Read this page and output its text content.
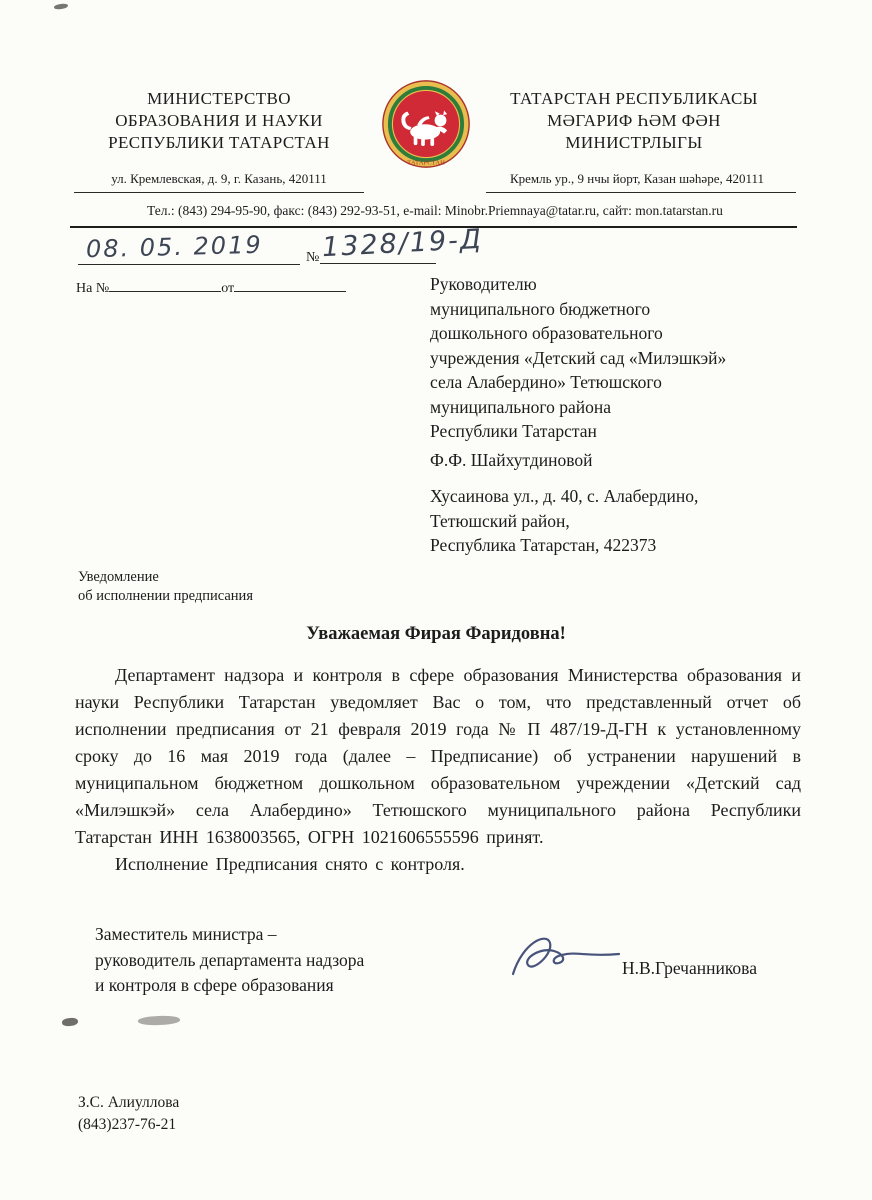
МИНИСТЕРСТВО
ОБРАЗОВАНИЯ И НАУКИ
РЕСПУБЛИКИ ТАТАРСТАН
ул. Кремлевская, д. 9, г. Казань, 420111
ТАТАРСТАН
ТАТАРСТАН РЕСПУБЛИКАСЫ
МӘГАРИФ ҺӘМ ФӘН
МИНИСТРЛЫГЫ
Кремль ур., 9 нчы йорт, Казан шәһәре, 420111
Тел.: (843) 294-95-90, факс: (843) 292-93-51, e-mail: Minobr.Priemnaya@tatar.ru, сайт: mon.tatarstan.ru
08. 05. 2019	№ 1328/19-Д
На №	от	Руководителю
муниципального бюджетного
дошкольного образовательного
учреждения «Детский сад «Милэшкэй»
села Алабердино» Тетюшского
муниципального района
Республики Татарстан
Ф.Ф. Шайхутдиновой
Хусаинова ул., д. 40, с. Алабердино,
Тетюшский район,
Республика Татарстан, 422373
Уведомление
об исполнении предписания
Уважаемая Фирая Фаридовна!

Департамент надзора и контроля в сфере образования Министерства образования и науки Республики Татарстан уведомляет Вас о том, что представленный отчет об исполнении предписания от 21 февраля 2019 года № П 487/19-Д-ГН к установленному сроку до 16 мая 2019 года (далее – Предписание) об устранении нарушений в муниципальном бюджетном дошкольном образовательном учреждении «Детский сад «Милэшкэй» села Алабердино» Тетюшского муниципального района Республики Татарстан ИНН 1638003565, ОГРН 1021606555596 принят.

Исполнение Предписания снято с контроля.

Заместитель министра –
руководитель департамента надзора
и контроля в сфере образования
Н.В.Гречанникова
З.С. Алиуллова
(843)237-76-21
